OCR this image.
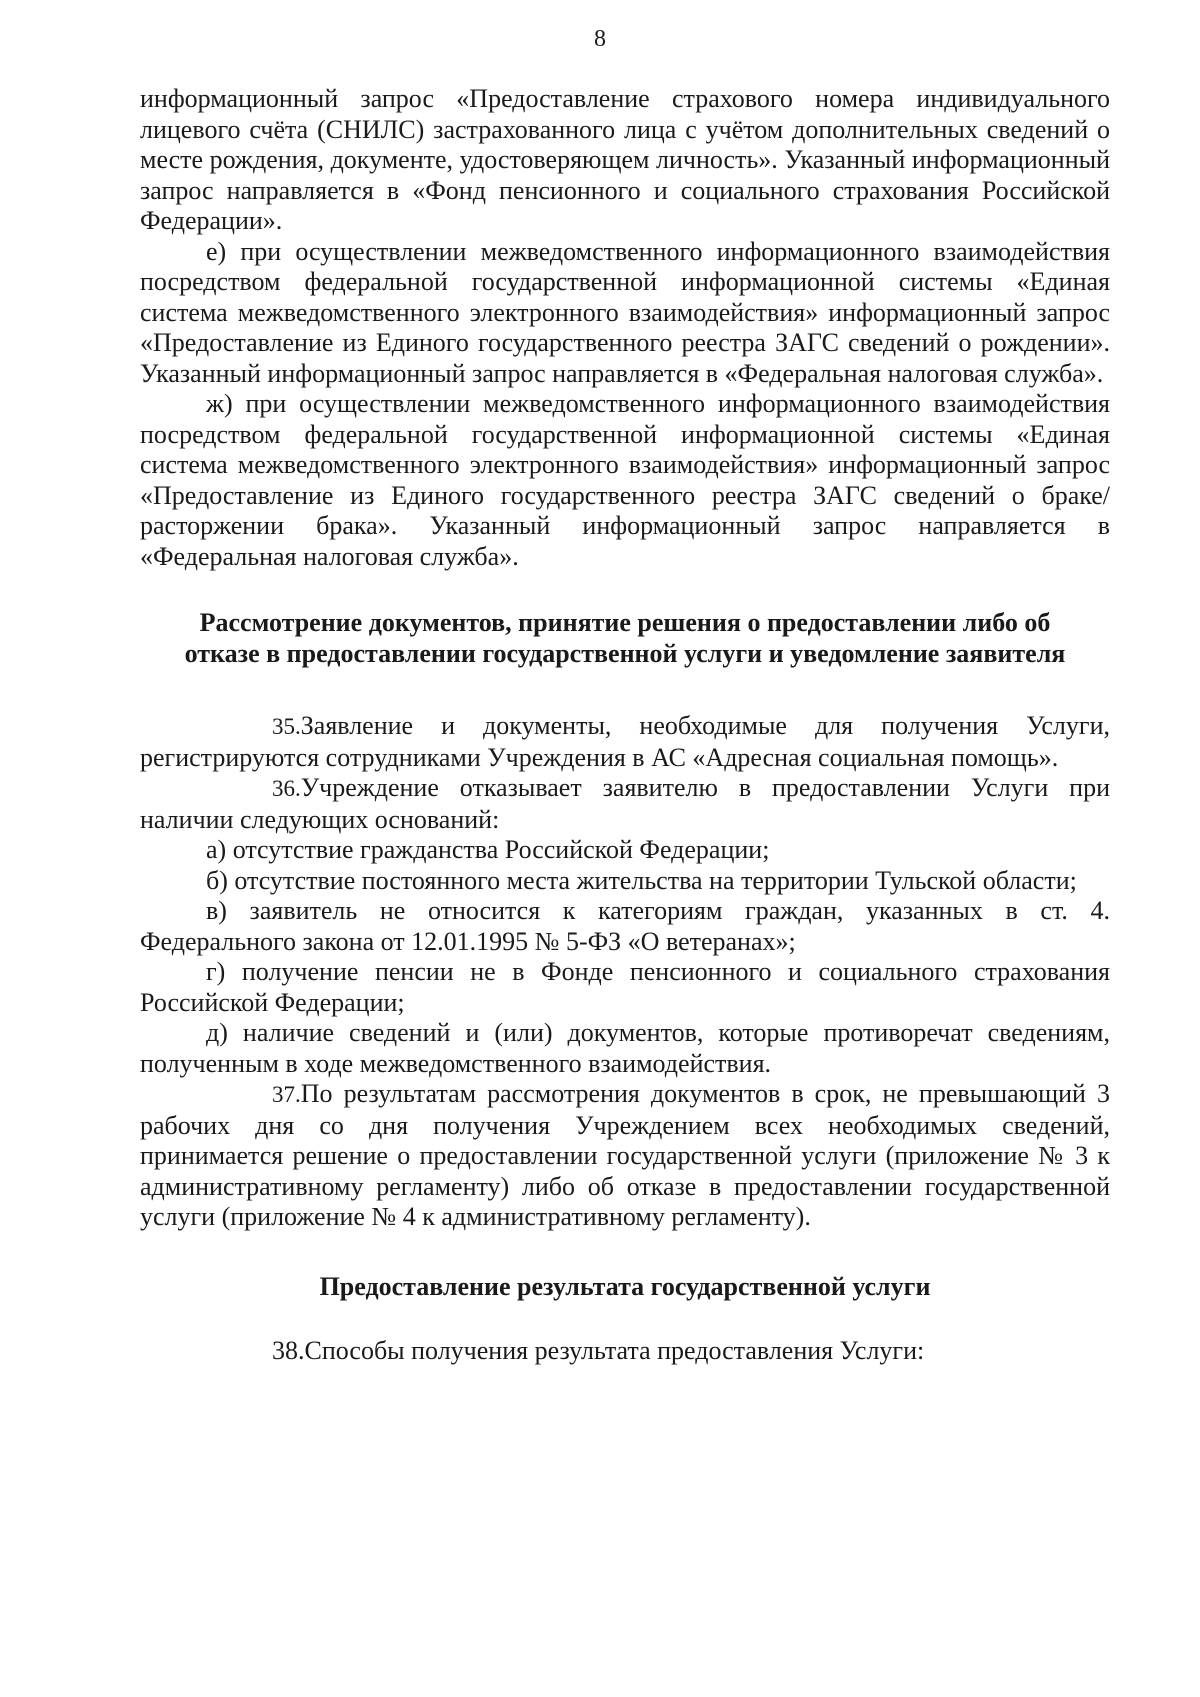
8

информационный запрос «Предоставление страхового номера индивидуального лицевого счёта (СНИЛС) застрахованного лица с учётом дополнительных сведений о месте рождения, документе, удостоверяющем личность». Указанный информационный запрос направляется в «Фонд пенсионного и социального страхования Российской Федерации».

е) при осуществлении межведомственного информационного взаимодействия посредством федеральной государственной информационной системы «Единая система межведомственного электронного взаимодействия» информационный запрос «Предоставление из Единого государственного реестра ЗАГС сведений о рождении». Указанный информационный запрос направляется в «Федеральная налоговая служба».

ж) при осуществлении межведомственного информационного взаимодействия посредством федеральной государственной информационной системы «Единая система межведомственного электронного взаимодействия» информационный запрос «Предоставление из Единого государственного реестра ЗАГС сведений о браке/расторжении брака». Указанный информационный запрос направляется в «Федеральная налоговая служба».

Рассмотрение документов, принятие решения о предоставлении либо об отказе в предоставлении государственной услуги и уведомление заявителя

35.Заявление и документы, необходимые для получения Услуги, регистрируются сотрудниками Учреждения в АС «Адресная социальная помощь».

36.Учреждение отказывает заявителю в предоставлении Услуги при наличии следующих оснований:

а) отсутствие гражданства Российской Федерации;

б) отсутствие постоянного места жительства на территории Тульской области;

в) заявитель не относится к категориям граждан, указанных в ст. 4. Федерального закона от 12.01.1995 № 5-ФЗ «О ветеранах»;

г) получение пенсии не в Фонде пенсионного и социального страхования Российской Федерации;

д) наличие сведений и (или) документов, которые противоречат сведениям, полученным в ходе межведомственного взаимодействия.

37.По результатам рассмотрения документов в срок, не превышающий 3 рабочих дня со дня получения Учреждением всех необходимых сведений, принимается решение о предоставлении государственной услуги (приложение № 3 к административному регламенту) либо об отказе в предоставлении государственной услуги (приложение № 4 к административному регламенту).

Предоставление результата государственной услуги

38.Способы получения результата предоставления Услуги:
